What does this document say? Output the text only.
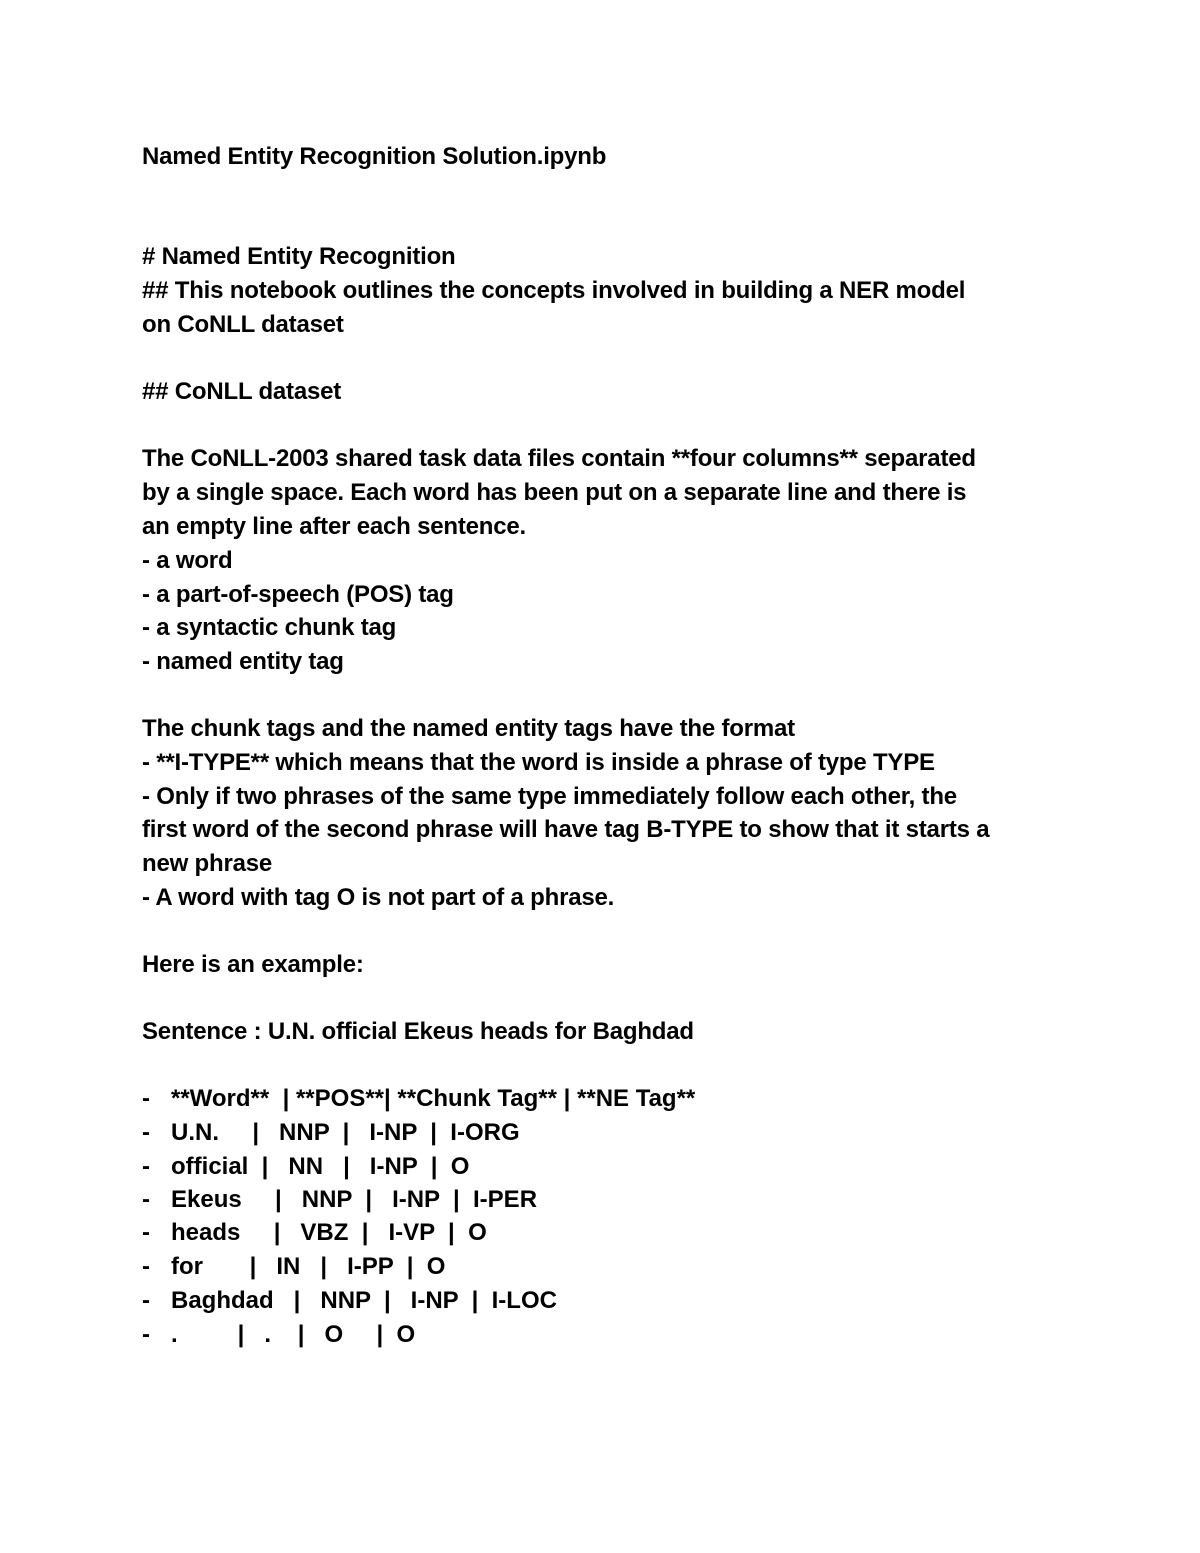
Named Entity Recognition Solution.ipynb
# Named Entity Recognition
## This notebook outlines the concepts involved in building a NER model
on CoNLL dataset
## CoNLL dataset
The CoNLL-2003 shared task data files contain **four columns** separated
by a single space. Each word has been put on a separate line and there is
an empty line after each sentence.
- a word
- a part-of-speech (POS) tag
- a syntactic chunk tag
- named entity tag
The chunk tags and the named entity tags have the format
- **I-TYPE** which means that the word is inside a phrase of type TYPE
- Only if two phrases of the same type immediately follow each other, the
first word of the second phrase will have tag B-TYPE to show that it starts a
new phrase
- A word with tag O is not part of a phrase.
Here is an example:
Sentence : U.N. official Ekeus heads for Baghdad

-

**Word**  | **POS**| **Chunk Tag** | **NE Tag**

-

U.N.     |   NNP  |   I-NP  |  I-ORG

-

official  |   NN   |   I-NP  |  O

-

Ekeus     |   NNP  |   I-NP  |  I-PER

-

heads     |   VBZ  |   I-VP  |  O

-

for       |   IN   |   I-PP  |  O

-

Baghdad   |   NNP  |   I-NP  |  I-LOC

-

.         |   .    |   O     |  O
